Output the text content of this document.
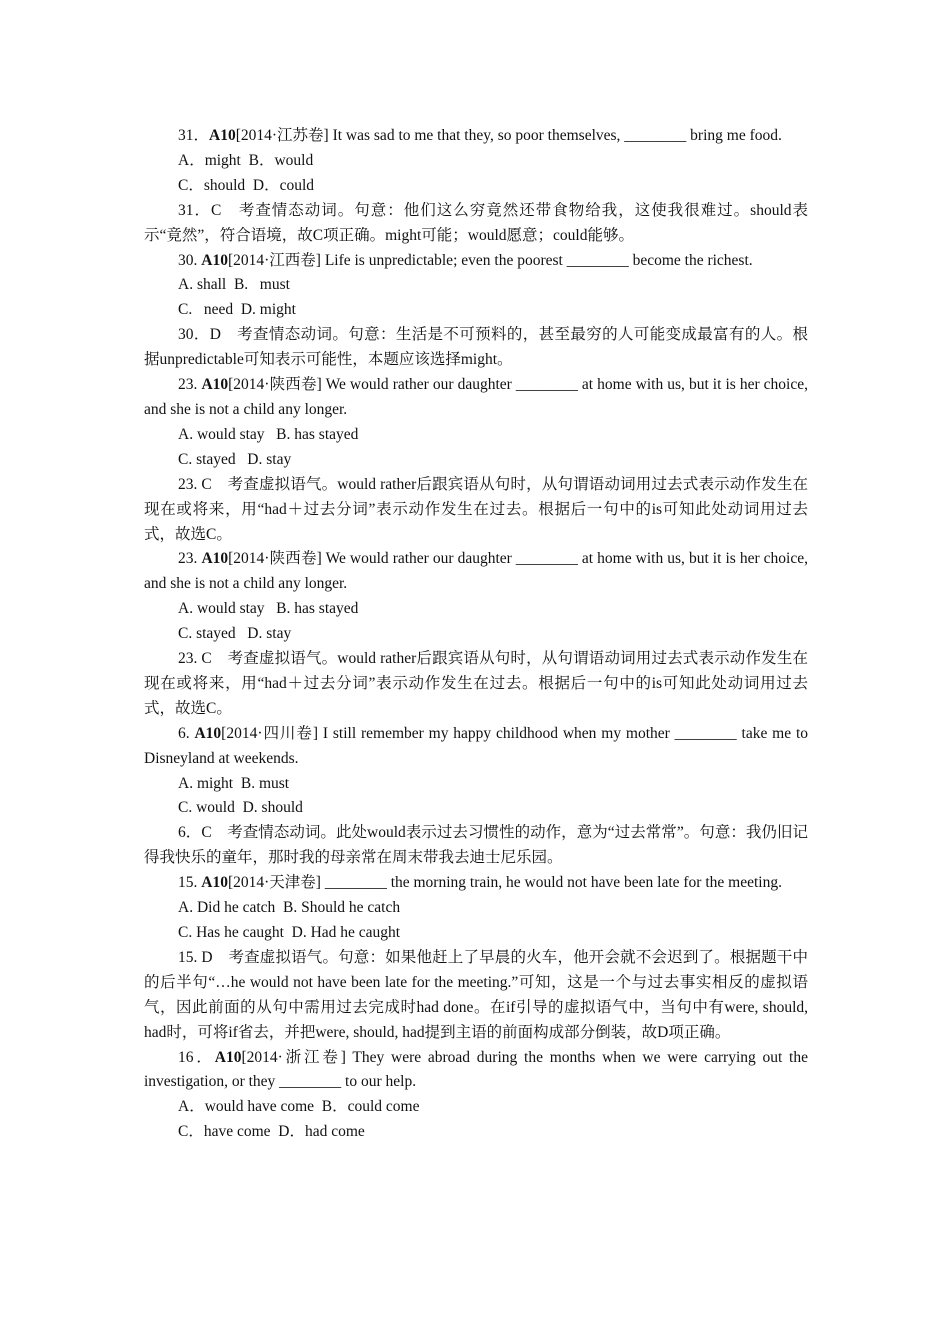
31．A10[2014·江苏卷] It was sad to me that they, so poor themselves, ________ bring me food.

A．might  B．would

C．should  D．could

31．C　考查情态动词。句意：他们这么穷竟然还带食物给我，这使我很难过。should表示“竟然”，符合语境，故C项正确。might可能；would愿意；could能够。

30. A10[2014·江西卷] Life is unpredictable; even the poorest ________ become the richest.

A. shall  B.   must

C.   need  D. might

30．D　考查情态动词。句意：生活是不可预料的，甚至最穷的人可能变成最富有的人。根据unpredictable可知表示可能性，本题应该选择might。

23. A10[2014·陕西卷] We would rather our daughter ________ at home with us, but it is her choice, and she is not a child any longer.

A. would stay   B. has stayed

C. stayed   D. stay

23. C　考查虚拟语气。would rather后跟宾语从句时，从句谓语动词用过去式表示动作发生在现在或将来，用“had＋过去分词”表示动作发生在过去。根据后一句中的is可知此处动词用过去式，故选C。

23. A10[2014·陕西卷] We would rather our daughter ________ at home with us, but it is her choice, and she is not a child any longer.

A. would stay   B. has stayed

C. stayed   D. stay

23. C　考查虚拟语气。would rather后跟宾语从句时，从句谓语动词用过去式表示动作发生在现在或将来，用“had＋过去分词”表示动作发生在过去。根据后一句中的is可知此处动词用过去式，故选C。

6. A10[2014·四川卷] I still remember my happy childhood when my mother ________ take me to Disneyland at weekends.

A. might  B. must

C. would  D. should

6．C　考查情态动词。此处would表示过去习惯性的动作，意为“过去常常”。句意：我仍旧记得我快乐的童年，那时我的母亲常在周末带我去迪士尼乐园。

15. A10[2014·天津卷] ________ the morning train, he would not have been late for the meeting.

A. Did he catch  B. Should he catch

C. Has he caught  D. Had he caught

15. D　考查虚拟语气。句意：如果他赶上了早晨的火车，他开会就不会迟到了。根据题干中的后半句“…he would not have been late for the meeting.”可知，这是一个与过去事实相反的虚拟语气，因此前面的从句中需用过去完成时had done。在if引导的虚拟语气中，当句中有were, should, had时，可将if省去，并把were, should, had提到主语的前面构成部分倒装，故D项正确。

16．A10[2014·浙江卷] They were abroad during the months when we were carrying out the investigation, or they ________ to our help.

A．would have come  B．could come

C．have come  D．had come
